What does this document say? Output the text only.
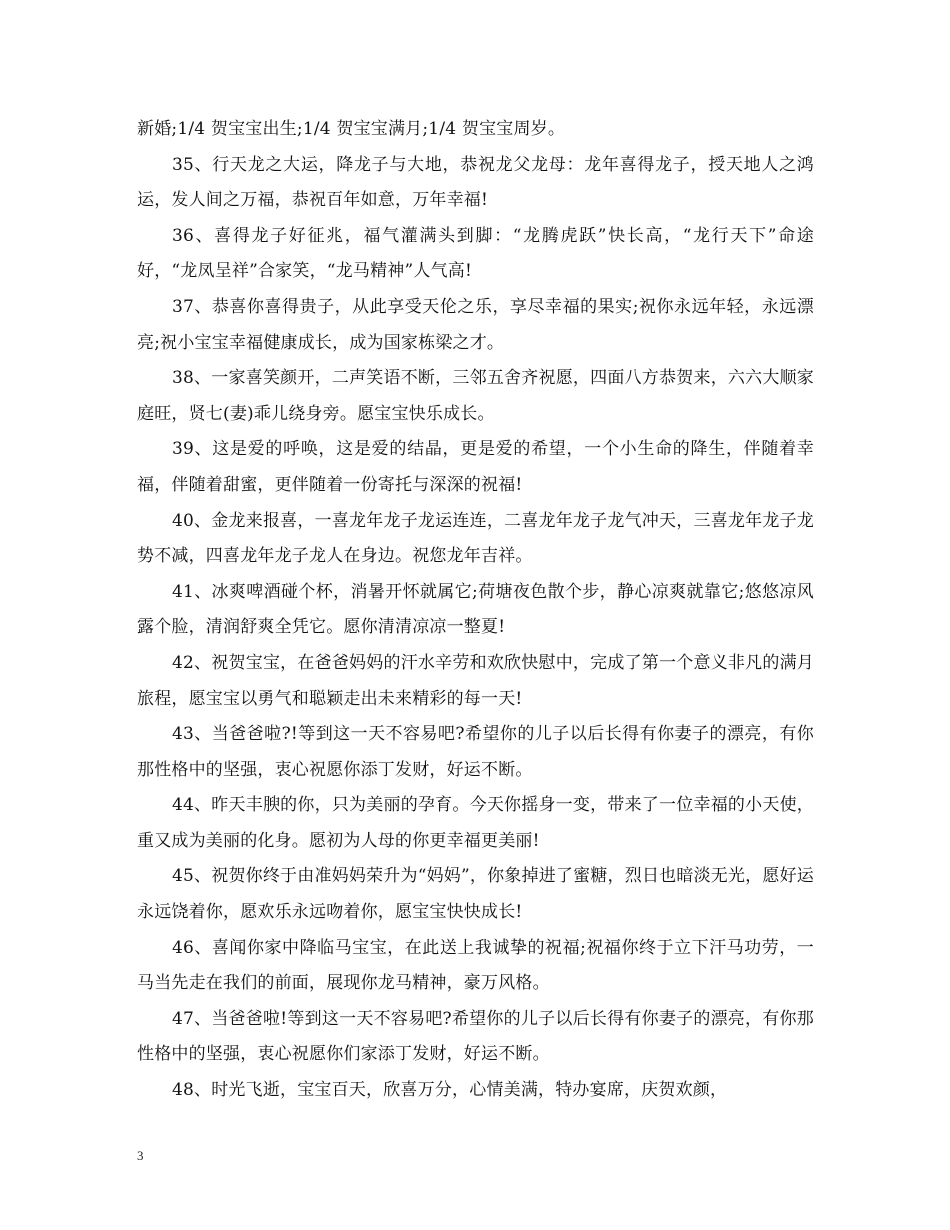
新婚;1/4 贺宝宝出生;1/4 贺宝宝满月;1/4 贺宝宝周岁。

35、行天龙之大运，降龙子与大地，恭祝龙父龙母：龙年喜得龙子，授天地人之鸿运，发人间之万福，恭祝百年如意，万年幸福!

36、喜得龙子好征兆，福气灌满头到脚：“龙腾虎跃”快长高，“龙行天下”命途好，“龙凤呈祥”合家笑，“龙马精神”人气高!

37、恭喜你喜得贵子，从此享受天伦之乐，享尽幸福的果实;祝你永远年轻，永远漂亮;祝小宝宝幸福健康成长，成为国家栋梁之才。

38、一家喜笑颜开，二声笑语不断，三邻五舍齐祝愿，四面八方恭贺来，六六大顺家庭旺，贤七(妻)乖儿绕身旁。愿宝宝快乐成长。

39、这是爱的呼唤，这是爱的结晶，更是爱的希望，一个小生命的降生，伴随着幸福，伴随着甜蜜，更伴随着一份寄托与深深的祝福!

40、金龙来报喜，一喜龙年龙子龙运连连，二喜龙年龙子龙气冲天，三喜龙年龙子龙势不减，四喜龙年龙子龙人在身边。祝您龙年吉祥。

41、冰爽啤酒碰个杯，消暑开怀就属它;荷塘夜色散个步，静心凉爽就靠它;悠悠凉风露个脸，清润舒爽全凭它。愿你清清凉凉一整夏!

42、祝贺宝宝，在爸爸妈妈的汗水辛劳和欢欣快慰中，完成了第一个意义非凡的满月旅程，愿宝宝以勇气和聪颖走出未来精彩的每一天!

43、当爸爸啦?!等到这一天不容易吧?希望你的儿子以后长得有你妻子的漂亮，有你那性格中的坚强，衷心祝愿你添丁发财，好运不断。

44、昨天丰腴的你，只为美丽的孕育。今天你摇身一变，带来了一位幸福的小天使，重又成为美丽的化身。愿初为人母的你更幸福更美丽!

45、祝贺你终于由准妈妈荣升为“妈妈”，你象掉进了蜜糖，烈日也暗淡无光，愿好运永远饶着你，愿欢乐永远吻着你，愿宝宝快快成长!

46、喜闻你家中降临马宝宝，在此送上我诚挚的祝福;祝福你终于立下汗马功劳，一马当先走在我们的前面，展现你龙马精神，豪万风格。

47、当爸爸啦!等到这一天不容易吧?希望你的儿子以后长得有你妻子的漂亮，有你那性格中的坚强，衷心祝愿你们家添丁发财，好运不断。

48、时光飞逝，宝宝百天，欣喜万分，心情美满，特办宴席，庆贺欢颜，

3
